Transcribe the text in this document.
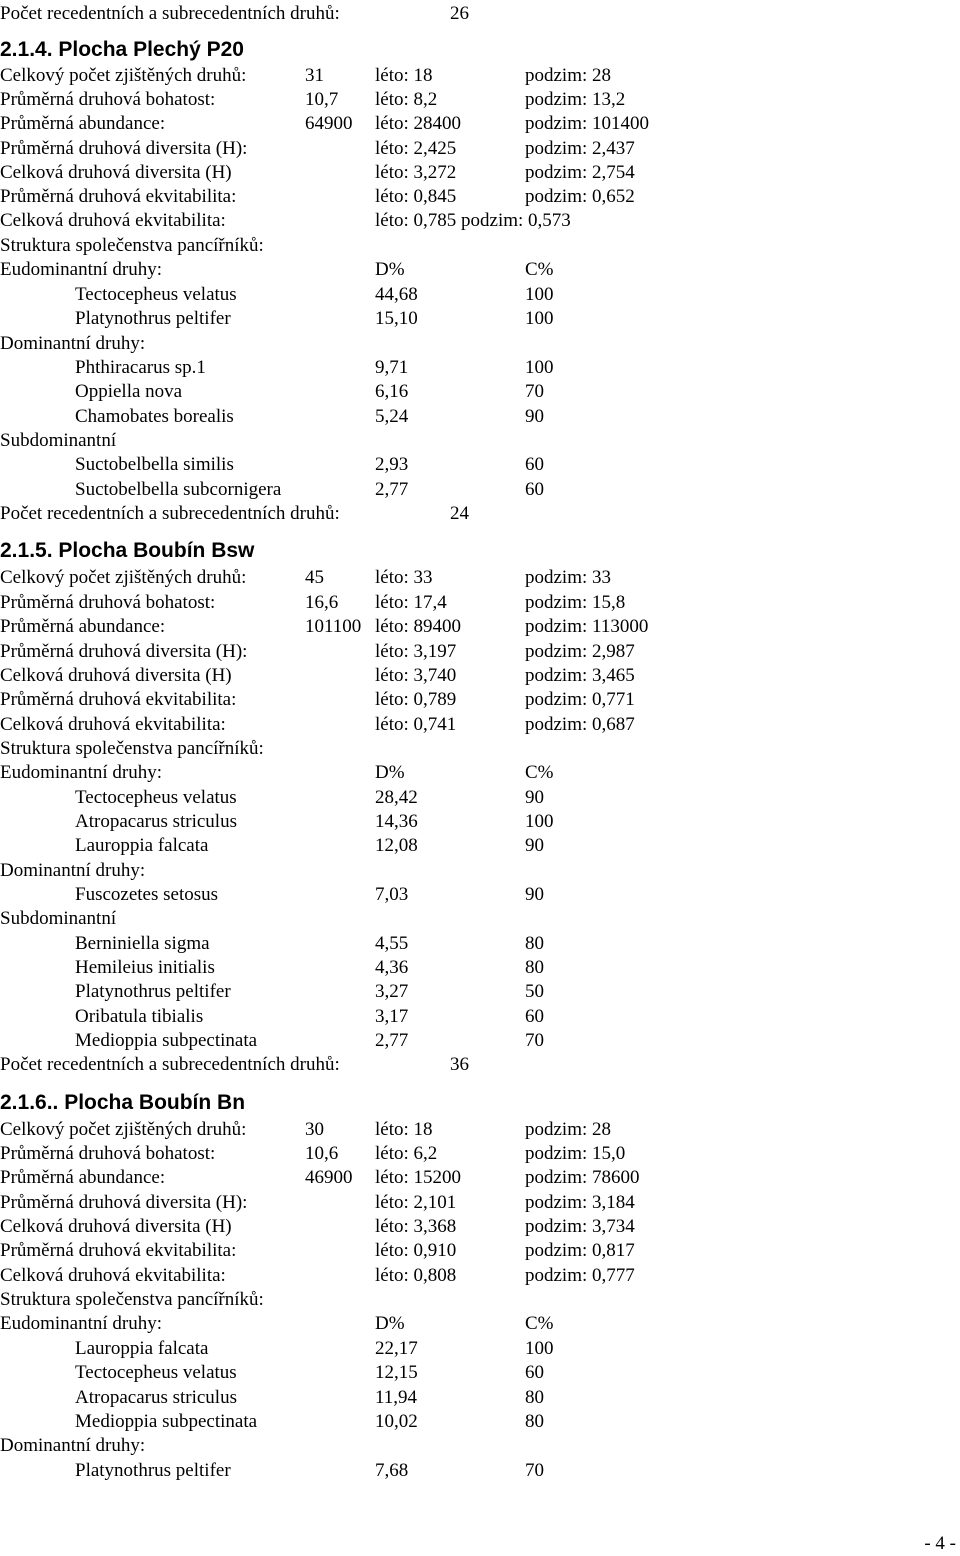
Počet recedentních a subrecedentních druhů:	26
2.1.4. Plocha Plechý P20
Celkový počet zjištěných druhů:	31	léto: 18	podzim: 28
Průměrná druhová bohatost:	10,7 léto: 8,2	podzim: 13,2
Průměrná abundance:	64900 léto: 28400	podzim: 101400
Průměrná druhová diversita (H):	léto: 2,425	podzim: 2,437
Celková druhová diversita (H)	léto: 3,272	podzim: 2,754
Průměrná druhová ekvitabilita:	léto: 0,845	podzim: 0,652
Celková druhová ekvitabilita:	léto: 0,785 podzim: 0,573
Struktura společenstva pancířníků:
Eudominantní druhy:	D%	C%
Tectocepheus velatus	44,68	100
Platynothrus peltifer	15,10	100
Dominantní druhy:
Phthiracarus sp.1	9,71	100
Oppiella nova	6,16	70
Chamobates borealis	5,24	90
Subdominantní
Suctobelbella similis	2,93	60
Suctobelbella subcornigera	2,77	60
Počet recedentních a subrecedentních druhů:	24
2.1.5. Plocha Boubín Bsw
Celkový počet zjištěných druhů:	45	léto: 33	podzim: 33
Průměrná druhová bohatost:	16,6 léto: 17,4	podzim: 15,8
Průměrná abundance:	101100 léto: 89400	podzim: 113000
Průměrná druhová diversita (H):	léto: 3,197	podzim: 2,987
Celková druhová diversita (H)	léto: 3,740	podzim: 3,465
Průměrná druhová ekvitabilita:	léto: 0,789	podzim: 0,771
Celková druhová ekvitabilita:	léto: 0,741	podzim: 0,687
Struktura společenstva pancířníků:
Eudominantní druhy:	D%	C%
Tectocepheus velatus	28,42	90
Atropacarus striculus	14,36	100
Lauroppia falcata	12,08	90
Dominantní druhy:
Fuscozetes setosus	7,03	90
Subdominantní
Berniniella sigma	4,55	80
Hemileius initialis	4,36	80
Platynothrus peltifer	3,27	50
Oribatula tibialis	3,17	60
Medioppia subpectinata	2,77	70
Počet recedentních a subrecedentních druhů:	36
2.1.6.. Plocha Boubín Bn
Celkový počet zjištěných druhů:	30	léto: 18	podzim: 28
Průměrná druhová bohatost:	10,6 léto: 6,2	podzim: 15,0
Průměrná abundance:	46900 léto: 15200	podzim: 78600
Průměrná druhová diversita (H):	léto: 2,101	podzim: 3,184
Celková druhová diversita (H)	léto: 3,368	podzim: 3,734
Průměrná druhová ekvitabilita:	léto: 0,910	podzim: 0,817
Celková druhová ekvitabilita:	léto: 0,808	podzim: 0,777
Struktura společenstva pancířníků:
Eudominantní druhy:	D%	C%
Lauroppia falcata	22,17	100
Tectocepheus velatus	12,15	60
Atropacarus striculus	11,94	80
Medioppia subpectinata	10,02	80
Dominantní druhy:
Platynothrus peltifer	7,68	70
- 4 -
